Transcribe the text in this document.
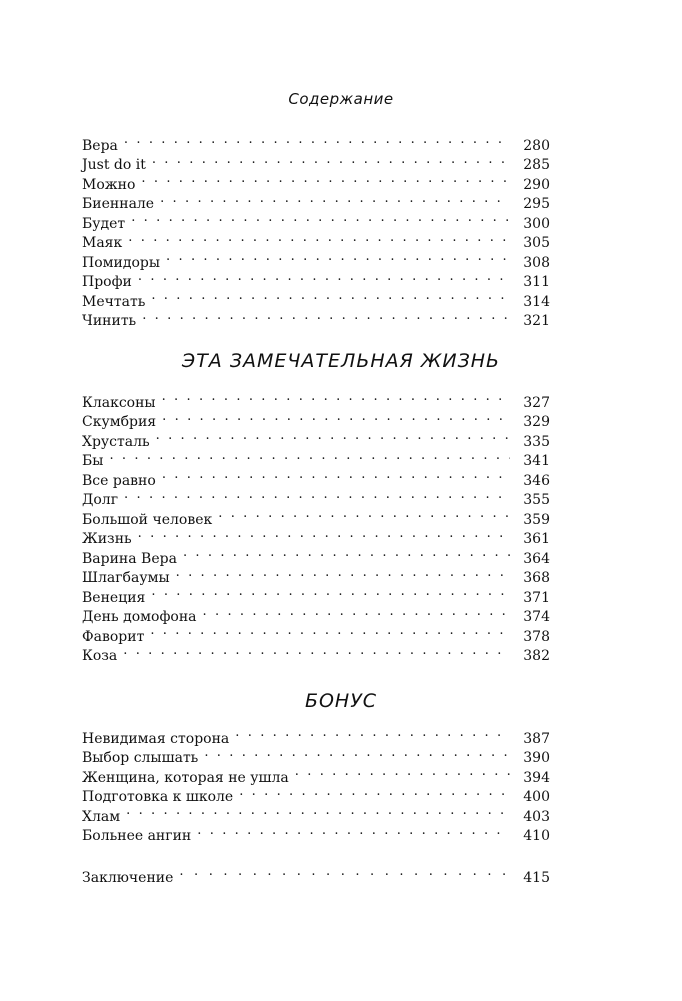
Содержание
Вера . . .	280
Just do it . . .	285
Можно . . .	290
Биеннале . . .	295
Будет . . .	300
Маяк . . .	305
Помидоры . . .	308
Профи . . .	311
Мечтать . . .	314
Чинить . . .	321
ЭТА ЗАМЕЧАТЕЛЬНАЯ ЖИЗНЬ
Клаксоны . . .	327
Скумбрия . . .	329
Хрусталь . . .	335
Бы . . .	341
Все равно . . .	346
Долг . . .	355
Большой человек . . .	359
Жизнь . . .	361
Варина Вера . . .	364
Шлагбаумы . . .	368
Венеция . . .	371
День домофона . . .	374
Фаворит . . .	378
Коза . . .	382
БОНУС
Невидимая сторона . . .	387
Выбор слышать . . .	390
Женщина, которая не ушла . . .	394
Подготовка к школе . . .	400
Хлам . . .	403
Больнее ангин . . .	410
Заключение . . .	415
